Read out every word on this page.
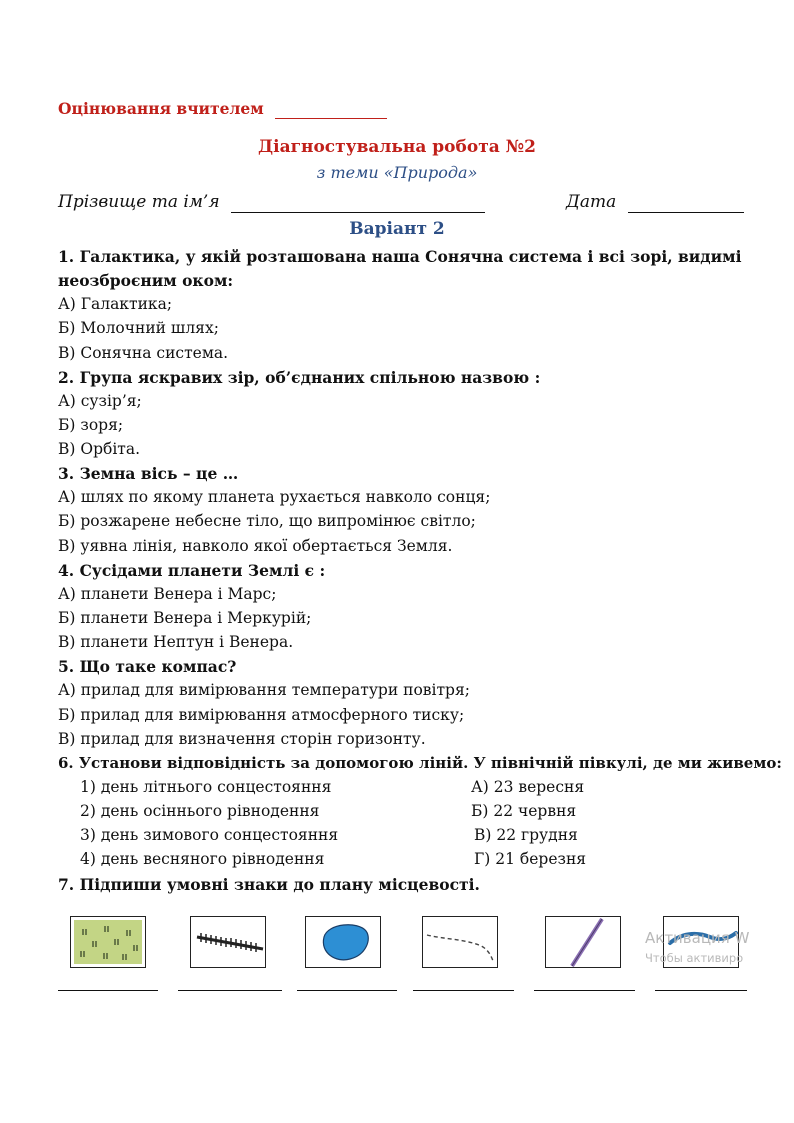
Оцінювання вчителем
Діагностувальна робота №2
з теми «Природа»
Прізвище та ім’я	Дата
Варіант 2
1. Галактика, у якій розташована наша Сонячна система і всі зорі, видимі
неозброєним оком:
А) Галактика;
Б) Молочний шлях;
В) Сонячна система.
2. Група яскравих зір, об’єднаних спільною назвою :
А) сузір’я;
Б) зоря;
В) Орбіта.
3. Земна вісь – це …
А) шлях по якому планета рухається навколо сонця;
Б) розжарене небесне тіло, що випромінює світло;
В) уявна лінія, навколо якої обертається Земля.
4. Сусідами планети Землі є :
А) планети Венера і Марс;
Б) планети Венера і Меркурій;
В) планети Нептун і Венера.
5. Що таке компас?
А) прилад для вимірювання температури повітря;
Б) прилад для вимірювання атмосферного тиску;
В) прилад для визначення сторін горизонту.
6. Установи відповідність за допомогою ліній. У північній півкулі, де ми живемо:
1) день літнього сонцестояння
2) день осіннього рівнодення
3) день зимового сонцестояння
4) день весняного рівнодення
А) 23 вересня
Б) 22 червня
В) 22 грудня
Г) 21 березня
7. Підпиши умовні знаки до плану місцевості.
Активация W
Чтобы активиро
